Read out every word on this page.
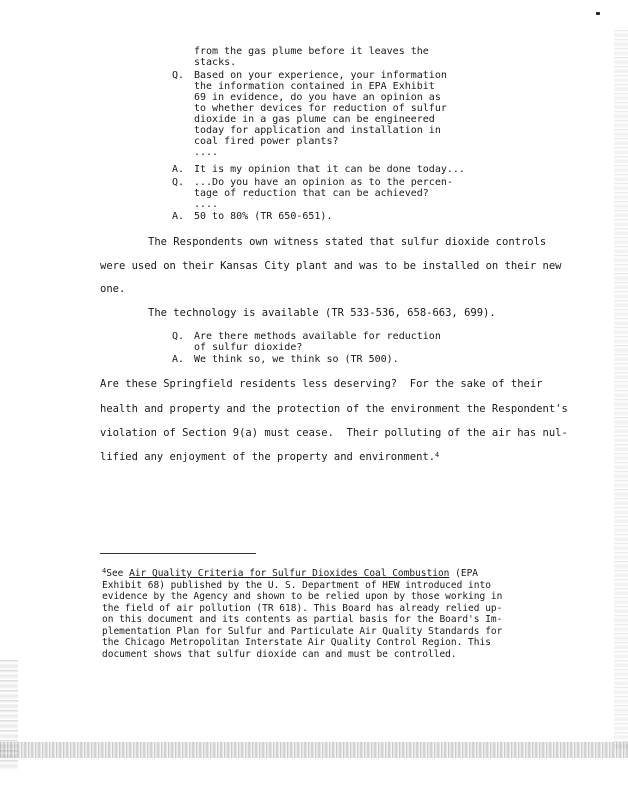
from the gas plume before it leaves the
stacks.
Q. Based on your experience, your information
the information contained in EPA Exhibit
69 in evidence, do you have an opinion as
to whether devices for reduction of sulfur
dioxide in a gas plume can be engineered
today for application and installation in
coal fired power plants?
....
A. It is my opinion that it can be done today...
Q. ...Do you have an opinion as to the percen-
tage of reduction that can be achieved?
....
A. 50 to 80% (TR 650-651).
The Respondents own witness stated that sulfur dioxide controls
were used on their Kansas City plant and was to be installed on their new
one.
The technology is available (TR 533-536, 658-663, 699).
Q. Are there methods available for reduction
of sulfur dioxide?
A. We think so, we think so (TR 500).
Are these Springfield residents less deserving?  For the sake of their
health and property and the protection of the environment the Respondent's
violation of Section 9(a) must cease.  Their polluting of the air has nul-
lified any enjoyment of the property and environment.$^4$
$^4$See Air Quality Criteria for Sulfur Dioxides Coal Combustion (EPA
Exhibit 68) published by the U. S. Department of HEW introduced into
evidence by the Agency and shown to be relied upon by those working in
the field of air pollution (TR 618). This Board has already relied up-
on this document and its contents as partial basis for the Board's Im-
plementation Plan for Sulfur and Particulate Air Quality Standards for
the Chicago Metropolitan Interstate Air Quality Control Region. This
document shows that sulfur dioxide can and must be controlled.
